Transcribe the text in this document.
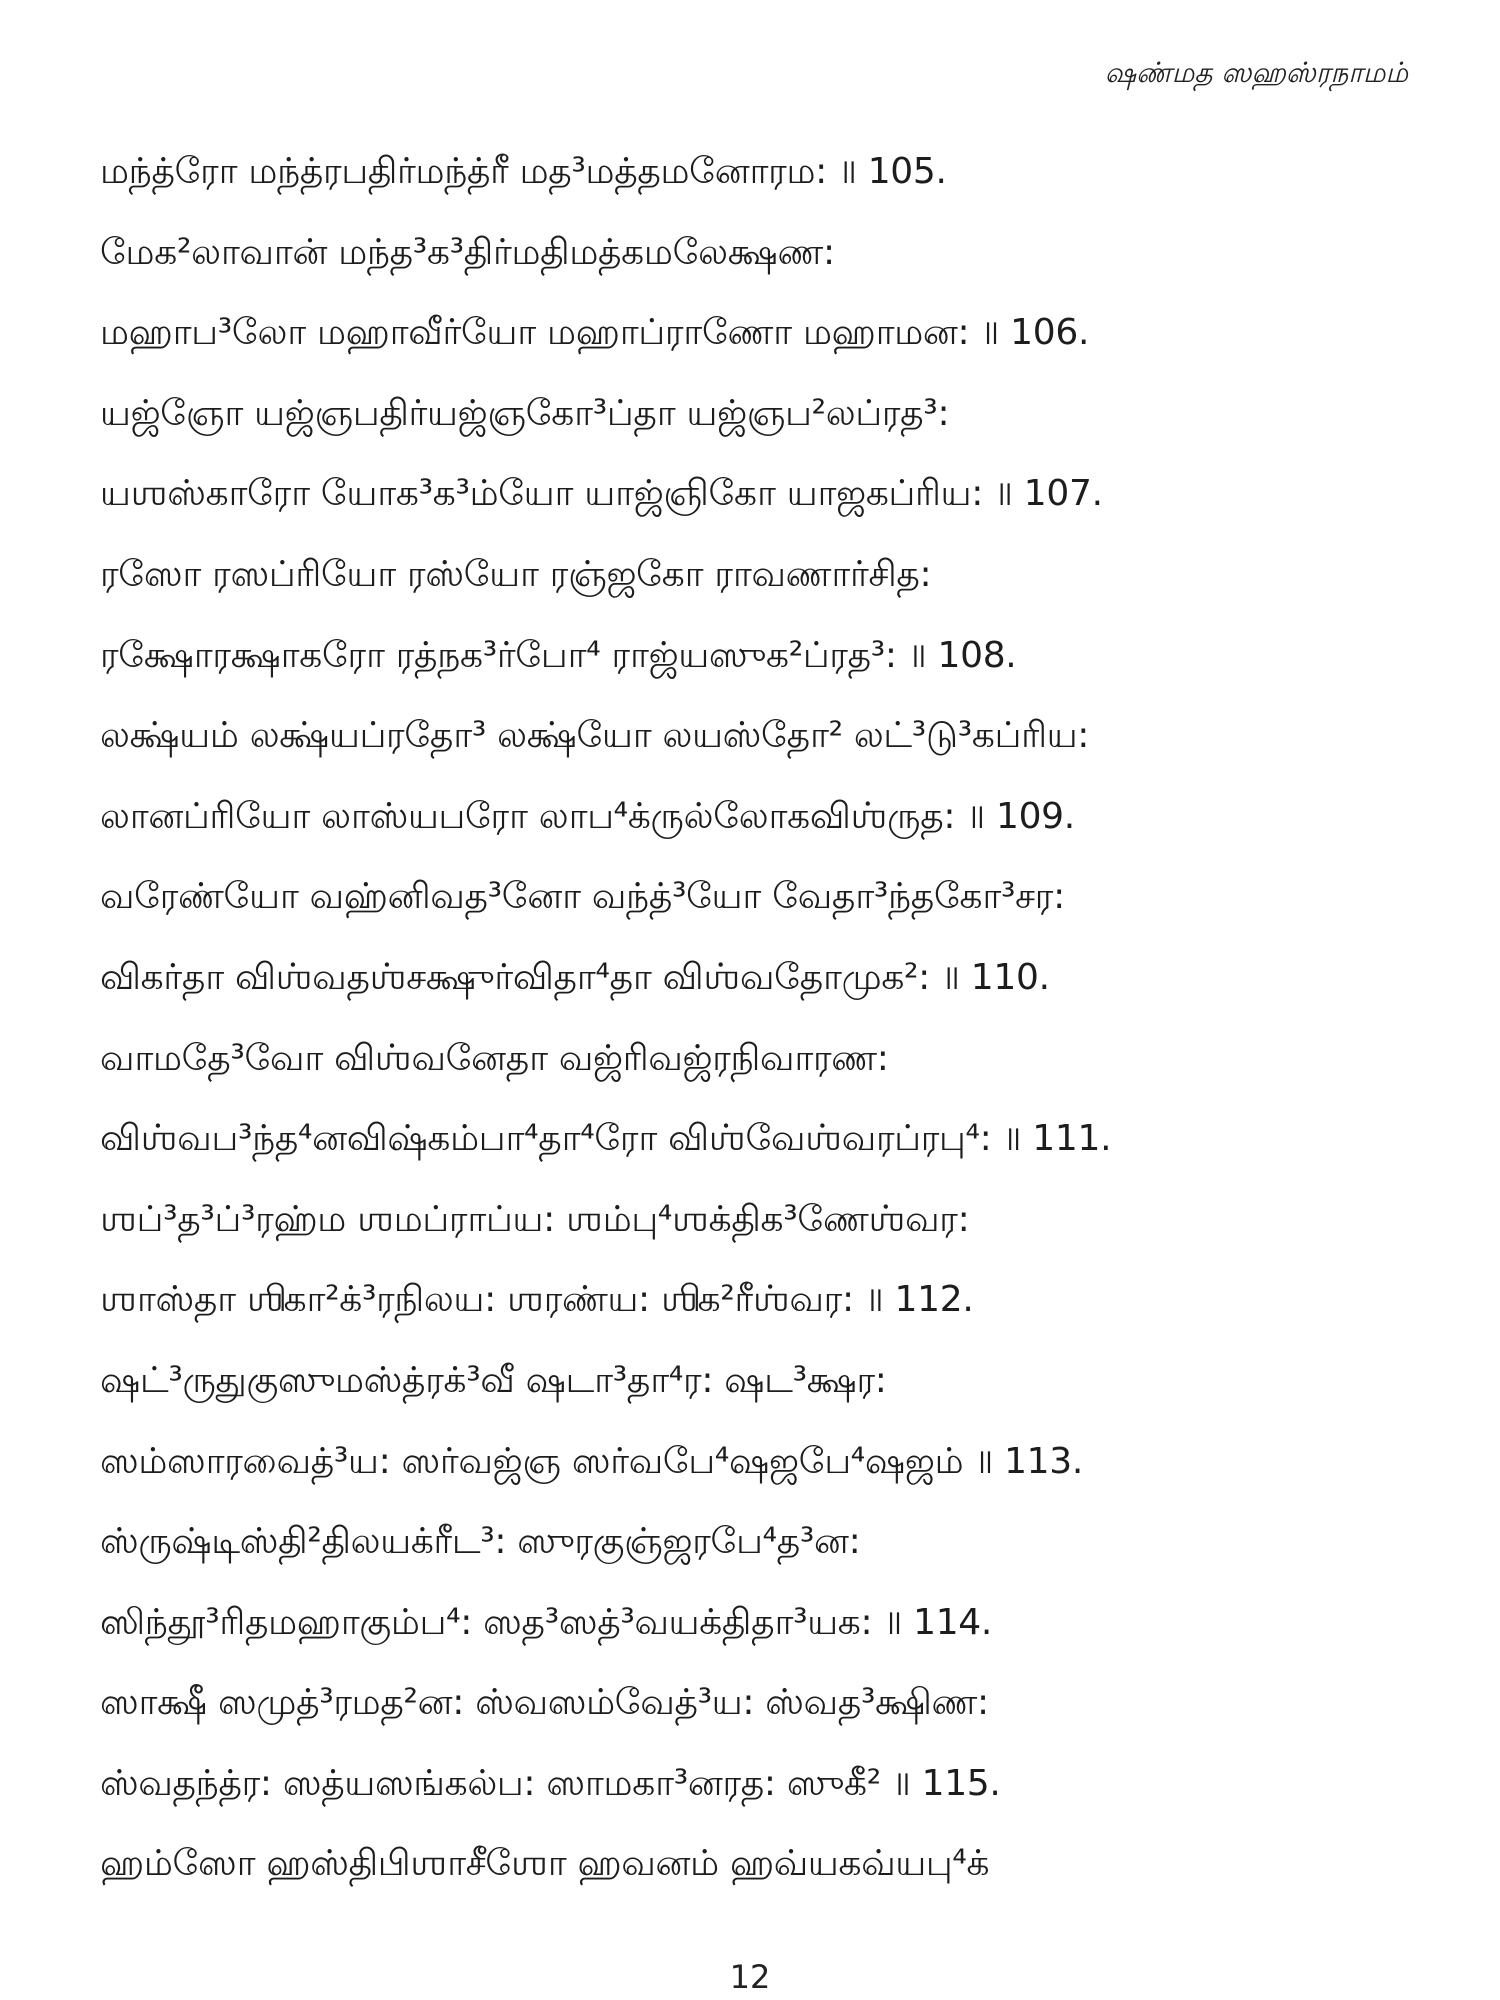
ஷண்மத ஸஹஸ்ரநாமம்
மந்த்ரோ மந்த்ரபதிர்மந்த்ரீ மத³மத்தமனோரம: ॥ 105.
மேக²லாவான் மந்த³க³திர்மதிமத்கமலேக்ஷண:
மஹாப³லோ மஹாவீர்யோ மஹாப்ராணோ மஹாமன: ॥ 106.
யஜ்ஞோ யஜ்ஞபதிர்யஜ்ஞகோ³ப்தா யஜ்ஞப²லப்ரத³:
யஶஸ்காரோ யோக³க³ம்யோ யாஜ்ஞிகோ யாஜகப்ரிய: ॥ 107.
ரஸோ ரஸப்ரியோ ரஸ்யோ ரஞ்ஜகோ ராவணார்சித:
ரக்ஷோரக்ஷாகரோ ரத்நக³ர்போ⁴ ராஜ்யஸுக²ப்ரத³: ॥ 108.
லக்ஷ்யம் லக்ஷ்யப்ரதோ³ லக்ஷ்யோ லயஸ்தோ² லட்³டு³கப்ரிய:
லானப்ரியோ லாஸ்யபரோ லாப⁴க்ருல்லோகவிஶ்ருத: ॥ 109.
வரேண்யோ வஹ்னிவத³னோ வந்த்³யோ வேதா³ந்தகோ³சர:
விகர்தா விஶ்வதஶ்சக்ஷுர்விதா⁴தா விஶ்வதோமுக²: ॥ 110.
வாமதே³வோ விஶ்வனேதா வஜ்ரிவஜ்ரநிவாரண:
விஶ்வப³ந்த⁴னவிஷ்கம்பா⁴தா⁴ரோ விஶ்வேஶ்வரப்ரபு⁴: ॥ 111.
ஶப்³த³ப்³ரஹ்ம ஶமப்ராப்ய: ஶம்பு⁴ஶக்திக³ணேஶ்வர:
ஶாஸ்தா ஶிகா²க்³ரநிலய: ஶரண்ய: ஶிக²ரீஶ்வர: ॥ 112.
ஷட்³ருதுகுஸுமஸ்த்ரக்³வீ ஷடா³தா⁴ர: ஷட³க்ஷர:
ஸம்ஸாரவைத்³ய: ஸர்வஜ்ஞ ஸர்வபே⁴ஷஜபே⁴ஷஜம் ॥ 113.
ஸ்ருஷ்டிஸ்தி²திலயக்ரீட³: ஸுரகுஞ்ஜரபே⁴த³ன:
ஸிந்தூ³ரிதமஹாகும்ப⁴: ஸத³ஸத்³வயக்திதா³யக: ॥ 114.
ஸாக்ஷீ ஸமுத்³ரமத²ன: ஸ்வஸம்வேத்³ய: ஸ்வத³க்ஷிண:
ஸ்வதந்த்ர: ஸத்யஸங்கல்ப: ஸாமகா³னரத: ஸுகீ² ॥ 115.
ஹம்ஸோ ஹஸ்திபிஶாசீஶோ ஹவனம் ஹவ்யகவ்யபு⁴க்
12
